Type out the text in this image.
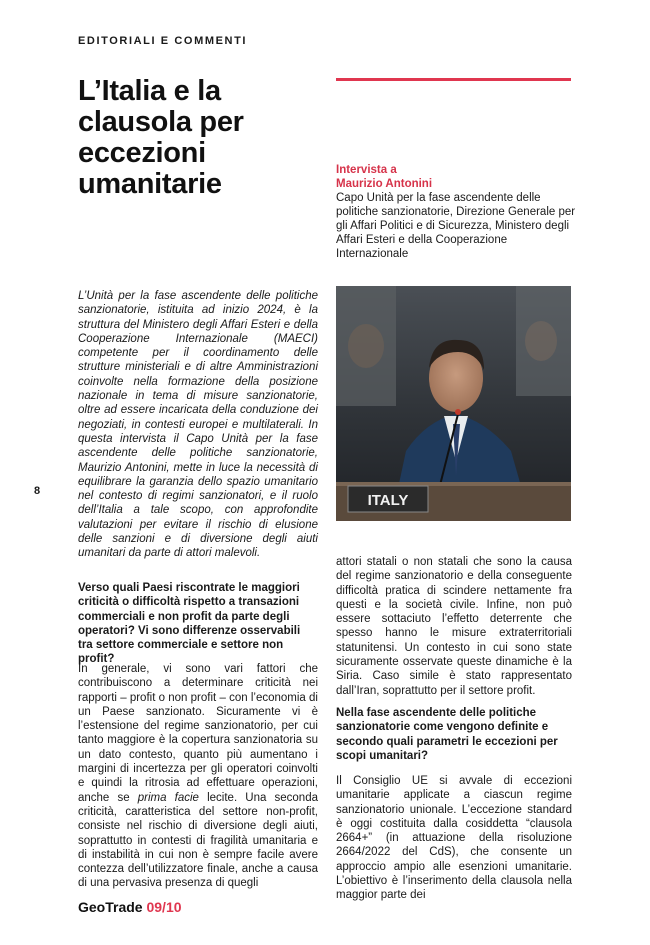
EDITORIALI E COMMENTI
L’Italia e la clausola per eccezioni umanitarie	Intervista a
Maurizio Antonini
Capo Unità per la fase ascendente delle politiche sanzionatorie, Direzione Generale per gli Affari Politici e di Sicurezza, Ministero degli Affari Esteri e della Cooperazione Internazionale
ITALY

L’Unità per la fase ascendente delle politiche sanzionatorie, istituita ad inizio 2024, è la struttura del Ministero degli Affari Esteri e della Cooperazione Internazionale (MAECI) competente per il coordinamento delle strutture ministeriali e di altre Amministrazioni coinvolte nella formazione della posizione nazionale in tema di misure sanzionatorie, oltre ad essere incaricata della conduzione dei negoziati, in contesti europei e multilaterali. In questa intervista il Capo Unità per la fase ascendente delle politiche sanzionatorie, Maurizio Antonini, mette in luce la necessità di equilibrare la garanzia dello spazio umanitario nel contesto di regimi sanzionatori, e il ruolo dell’Italia a tale scopo, con approfondite valutazioni per evitare il rischio di elusione delle sanzioni e di diversione degli aiuti umanitari da parte di attori malevoli.

8

Verso quali Paesi riscontrate le maggiori criticità o difficoltà rispetto a transazioni commerciali e non profit da parte degli operatori? Vi sono differenze osservabili tra settore commerciale e settore non profit?

In generale, vi sono vari fattori che contribuiscono a determinare criticità nei rapporti – profit o non profit – con l’economia di un Paese sanzionato. Sicuramente vi è l’estensione del regime sanzionatorio, per cui tanto maggiore è la copertura sanzionatoria su un dato contesto, quanto più aumentano i margini di incertezza per gli operatori coinvolti e quindi la ritrosia ad effettuare operazioni, anche se prima facie lecite. Una seconda criticità, caratteristica del settore non-profit, consiste nel rischio di diversione degli aiuti, soprattutto in contesti di fragilità umanitaria e di instabilità in cui non è sempre facile avere contezza dell’utilizzatore finale, anche a causa di una pervasiva presenza di quegli

attori statali o non statali che sono la causa del regime sanzionatorio e della conseguente difficoltà pratica di scindere nettamente fra questi e la società civile. Infine, non può essere sottaciuto l’effetto deterrente che spesso hanno le misure extraterritoriali statunitensi. Un contesto in cui sono state sicuramente osservate queste dinamiche è la Siria. Caso simile è stato rappresentato dall’Iran, soprattutto per il settore profit.

Nella fase ascendente delle politiche sanzionatorie come vengono definite e secondo quali parametri le eccezioni per scopi umanitari?

Il Consiglio UE si avvale di eccezioni umanitarie applicate a ciascun regime sanzionatorio unionale. L’eccezione standard è oggi costituita dalla cosiddetta “clausola 2664+” (in attuazione della risoluzione 2664/2022 del CdS), che consente un approccio ampio alle esenzioni umanitarie. L’obiettivo è l’inserimento della clausola nella maggior parte dei

GeoTrade 09/10
